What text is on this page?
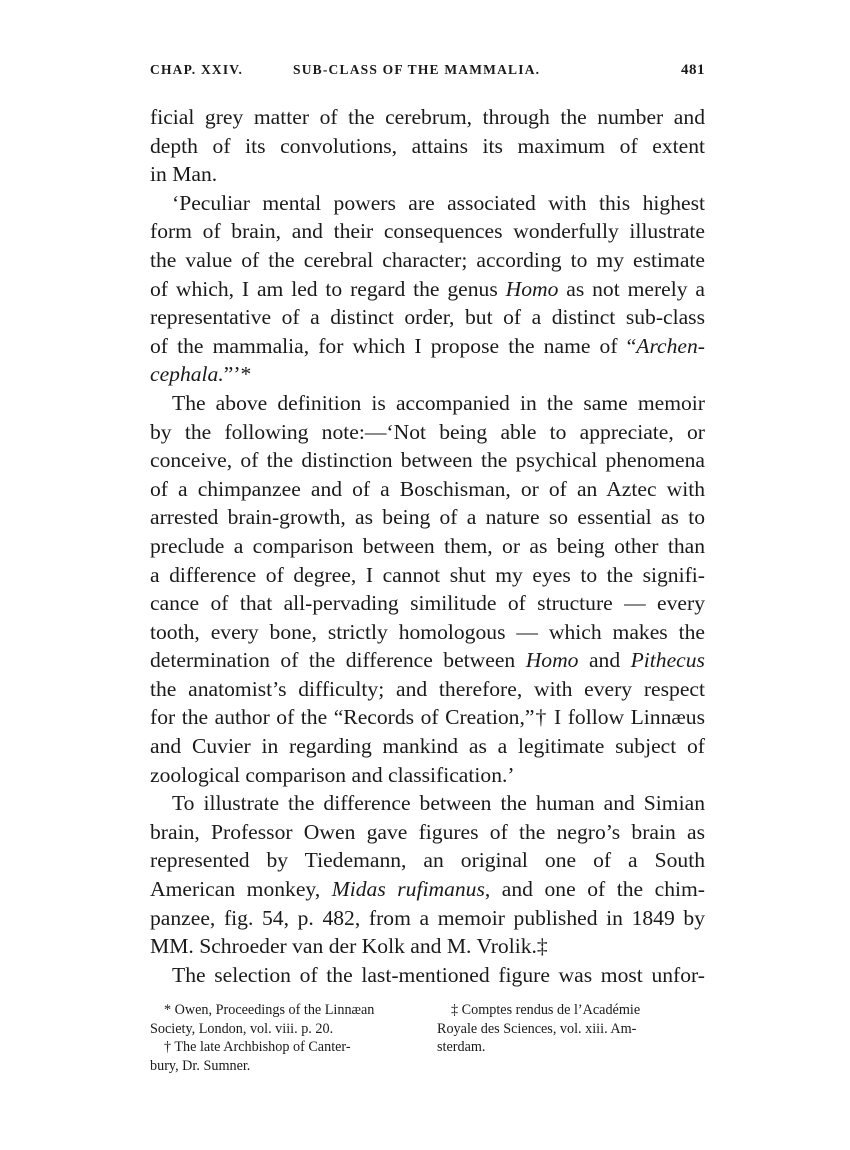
CHAP. XXIV.	SUB-CLASS OF THE MAMMALIA.	481
ficial grey matter of the cerebrum, through the number and
depth of its convolutions, attains its maximum of extent
in Man.
‘Peculiar mental powers are associated with this highest
form of brain, and their consequences wonderfully illustrate
the value of the cerebral character; according to my estimate
of which, I am led to regard the genus Homo as not merely a
representative of a distinct order, but of a distinct sub-class
of the mammalia, for which I propose the name of “Archen-
cephala.”’*
The above definition is accompanied in the same memoir
by the following note:—‘Not being able to appreciate, or
conceive, of the distinction between the psychical phenomena
of a chimpanzee and of a Boschisman, or of an Aztec with
arrested brain-growth, as being of a nature so essential as to
preclude a comparison between them, or as being other than
a difference of degree, I cannot shut my eyes to the signifi-
cance of that all-pervading similitude of structure — every
tooth, every bone, strictly homologous — which makes the
determination of the difference between Homo and Pithecus
the anatomist’s difficulty; and therefore, with every respect
for the author of the “Records of Creation,”† I follow Linnæus
and Cuvier in regarding mankind as a legitimate subject of
zoological comparison and classification.’
To illustrate the difference between the human and Simian
brain, Professor Owen gave figures of the negro’s brain as
represented by Tiedemann, an original one of a South
American monkey, Midas rufimanus, and one of the chim-
panzee, fig. 54, p. 482, from a memoir published in 1849 by
MM. Schroeder van der Kolk and M. Vrolik.‡
The selection of the last-mentioned figure was most unfor-

* Owen, Proceedings of the Linnæan
Society, London, vol. viii. p. 20.

† The late Archbishop of Canter-
bury, Dr. Sumner.

‡ Comptes rendus de l’Académie
Royale des Sciences, vol. xiii. Am-
sterdam.
